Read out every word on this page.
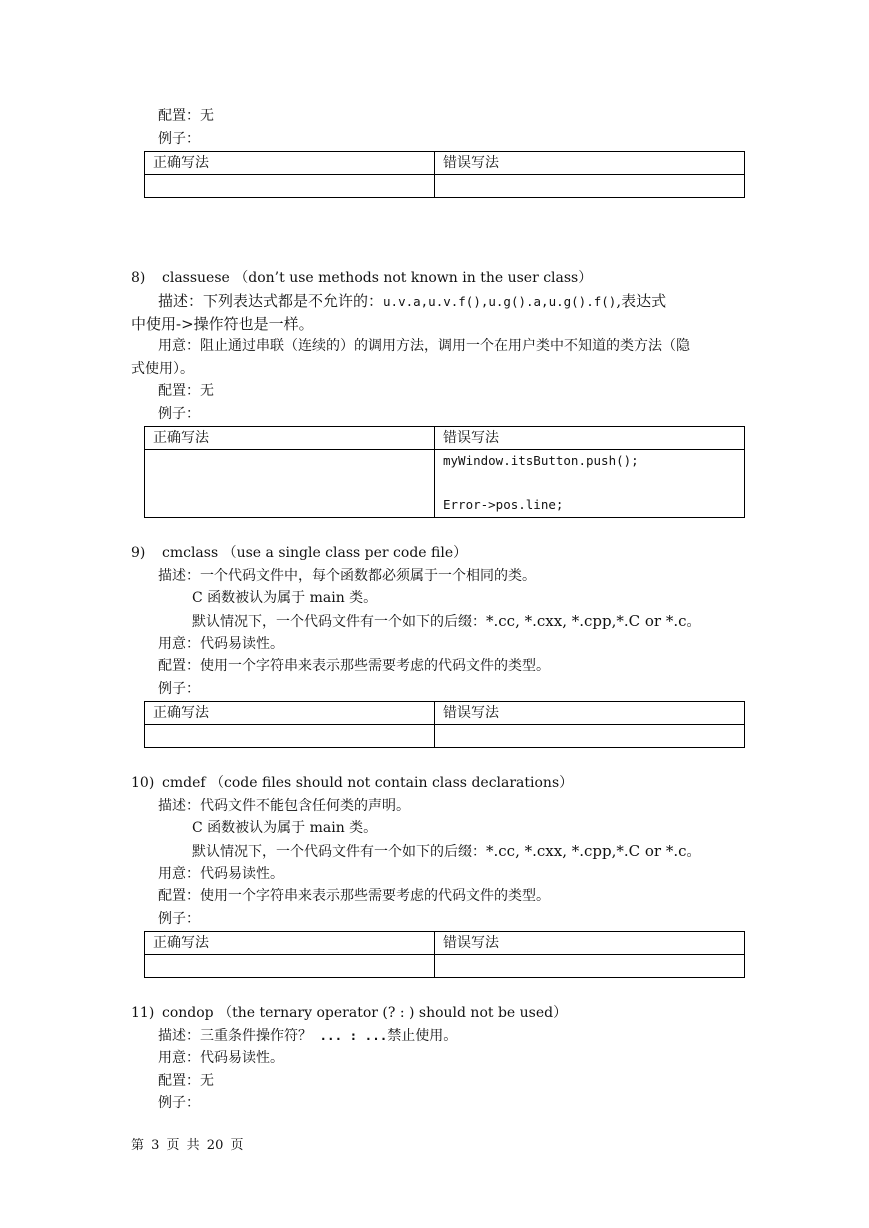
配置：无
例子：
正确写法	错误写法

8) classuese （don’t use methods not known in the user class）
描述：下列表达式都是不允许的：u.v.a,u.v.f(),u.g().a,u.g().f(),表达式
中使用->操作符也是一样。
用意：阻止通过串联（连续的）的调用方法，调用一个在用户类中不知道的类方法（隐
式使用）。
配置：无
例子：
正确写法	错误写法

	myWindow.itsButton.push();
Error->pos.line;
9) cmclass （use a single class per code file）
描述：一个代码文件中，每个函数都必须属于一个相同的类。
C 函数被认为属于 main 类。
默认情况下，一个代码文件有一个如下的后缀：*.cc, *.cxx, *.cpp,*.C or *.c。
用意：代码易读性。
配置：使用一个字符串来表示那些需要考虑的代码文件的类型。
例子：
正确写法	错误写法

10) cmdef （code files should not contain class declarations）
描述：代码文件不能包含任何类的声明。
C 函数被认为属于 main 类。
默认情况下，一个代码文件有一个如下的后缀：*.cc, *.cxx, *.cpp,*.C or *.c。
用意：代码易读性。
配置：使用一个字符串来表示那些需要考虑的代码文件的类型。
例子：
正确写法	错误写法

11) condop （the ternary operator (? : ) should not be used）
描述：三重条件操作符？ ... : ...禁止使用。
用意：代码易读性。
配置：无
例子：
第 3 页 共 20 页
